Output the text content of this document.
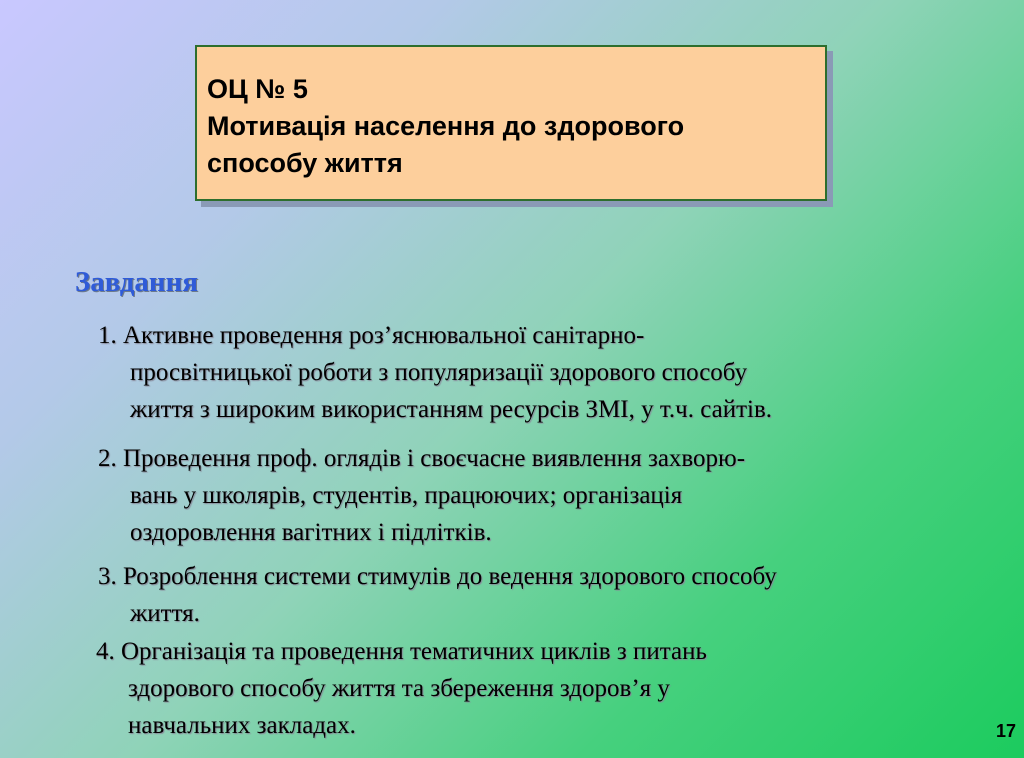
ОЦ № 5
Мотивація населення до здорового
способу життя
Завдання
1. Активне проведення роз’яснювальної санітарно-
просвітницької роботи з популяризації здорового способу
життя з широким використанням ресурсів ЗМІ, у т.ч. сайтів.
2. Проведення проф. оглядів і своєчасне виявлення захворю-
вань у школярів, студентів, працюючих; організація
оздоровлення вагітних і підлітків.
3. Розроблення системи стимулів до ведення здорового способу
життя.
4. Організація та проведення тематичних циклів з питань
здорового способу життя та збереження здоров’я у
навчальних закладах.	17
